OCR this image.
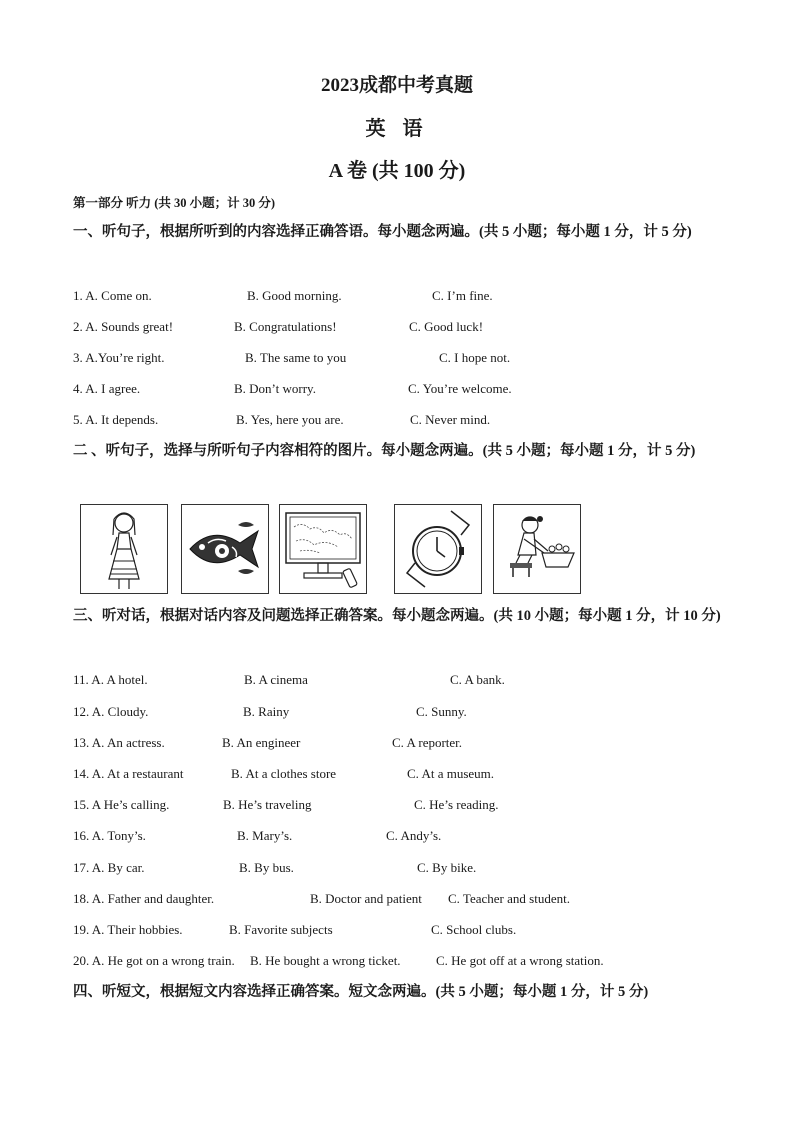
2023成都中考真题
英 语
A 卷 (共 100 分)
第一部分 听力 (共 30 小题；计 30 分)
一、听句子，根据所听到的内容选择正确答语。每小题念两遍。(共 5 小题；每小题 1 分，计 5 分)
1. A. Come on.	B. Good morning.	C. I’m fine.
2. A. Sounds great!	B. Congratulations!	C. Good luck!
3. A.You’re right.	B. The same to you	C. I hope not.
4. A. I agree.	B. Don’t worry.	C. You’re welcome.
5. A. It depends.	B. Yes, here you are.	C. Never mind.
二 、听句子，选择与所听句子内容相符的图片。每小题念两遍。(共 5 小题；每小题 1 分，计 5 分)
三、听对话，根据对话内容及问题选择正确答案。每小题念两遍。(共 10 小题；每小题 1 分，计 10 分)
11. A. A hotel.	B. A cinema	C. A bank.
12. A. Cloudy.	B. Rainy	C. Sunny.
13. A. An actress.	B. An engineer	C. A reporter.
14. A. At a restaurant	B. At a clothes store	C. At a museum.
15. A He’s calling.	B. He’s traveling	C. He’s reading.
16. A. Tony’s.	B. Mary’s.	C. Andy’s.
17. A. By car.	B. By bus.	C. By bike.
18. A. Father and daughter.	B. Doctor and patient C. Teacher and student.
19. A. Their hobbies.	B. Favorite subjects	C. School clubs.
20. A. He got on a wrong train. B. He bought a wrong ticket.	C. He got off at a wrong station.
四、听短文，根据短文内容选择正确答案。短文念两遍。(共 5 小题；每小题 1 分，计 5 分)
